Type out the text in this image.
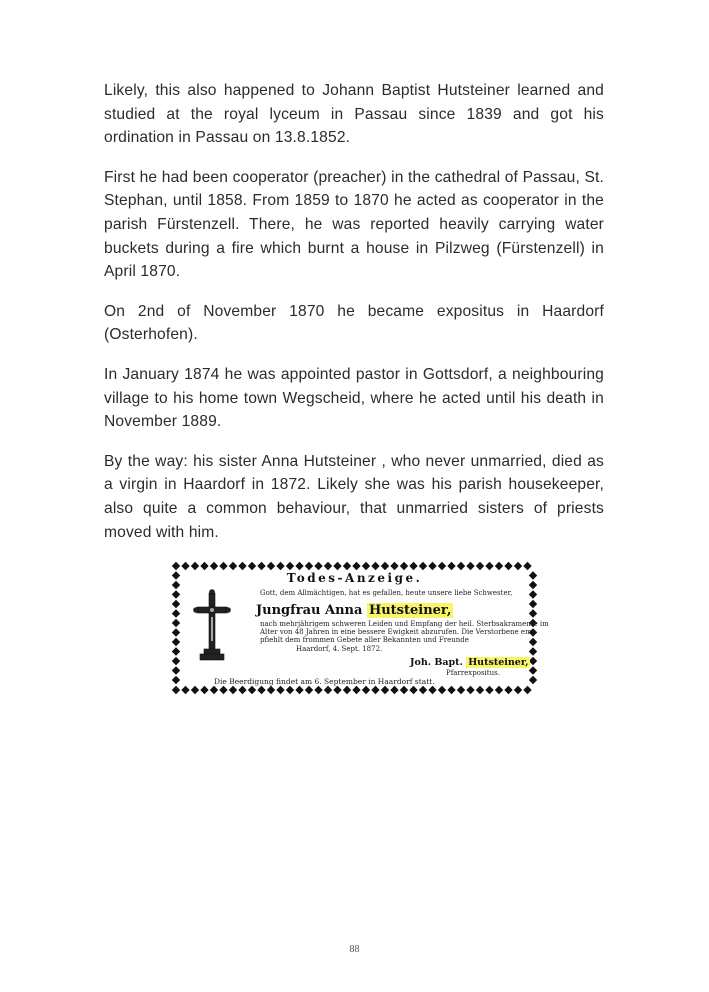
Likely, this also happened to Johann Baptist Hutsteiner learned and studied at the royal lyceum in Passau since 1839 and got his ordination in Passau on 13.8.1852.

First he had been cooperator (preacher) in the cathedral of Passau, St. Stephan, until 1858. From 1859 to 1870 he acted as cooperator in the parish Fürstenzell. There, he was reported heavily carrying water buckets during a fire which burnt a house in Pilzweg (Fürstenzell) in April 1870.

On 2nd of November 1870 he became expositus in Haardorf (Osterhofen).

In January 1874 he was appointed pastor in Gottsdorf, a neighbouring village to his home town Wegscheid, where he acted until his death in November 1889.

By the way: his sister Anna Hutsteiner , who never unmarried, died as a virgin in Haardorf in 1872. Likely she was his parish housekeeper, also quite a common behaviour, that unmarried sisters of priests moved with him.

Todes-Anzeige.
Gott, dem Allmächtigen, hat es gefallen, heute unsere liebe Schwester,
Jungfrau Anna Hutsteiner,
nach mehrjährigem schweren Leiden und Empfang der heil. Sterbsakramente im
Alter von 48 Jahren in eine bessere Ewigkeit abzurufen. Die Verstorbene em-
pfiehlt dem frommen Gebete aller Bekannten und Freunde
Haardorf, 4. Sept. 1872.
Joh. Bapt. Hutsteiner,
Pfarrexpositus.
Die Beerdigung findet am 6. September in Haardorf statt.
88
